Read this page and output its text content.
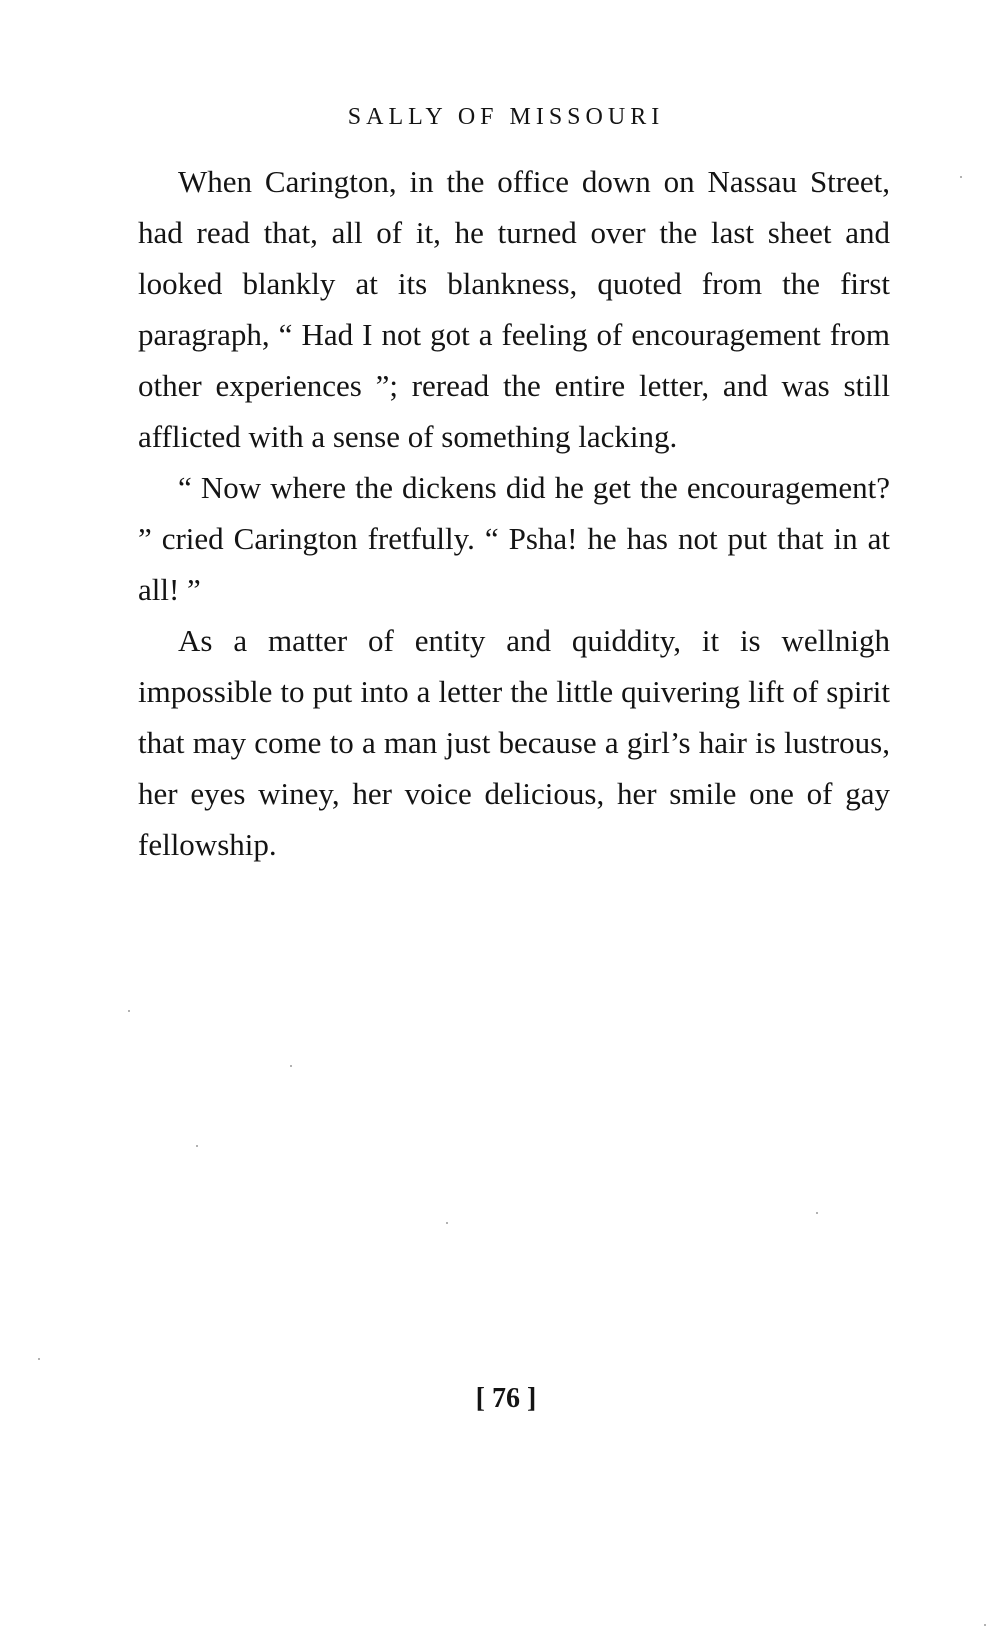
SALLY OF MISSOURI

When Carington, in the office down on Nassau Street, had read that, all of it, he turned over the last sheet and looked blankly at its blankness, quoted from the first paragraph, “ Had I not got a feeling of encouragement from other experiences ”; reread the entire letter, and was still afflicted with a sense of something lacking.

“ Now where the dickens did he get the encouragement? ” cried Carington fretfully. “ Psha! he has not put that in at all! ”

As a matter of entity and quiddity, it is wellnigh impossible to put into a letter the little quivering lift of spirit that may come to a man just because a girl’s hair is lustrous, her eyes winey, her voice delicious, her smile one of gay fellowship.

[ 76 ]
